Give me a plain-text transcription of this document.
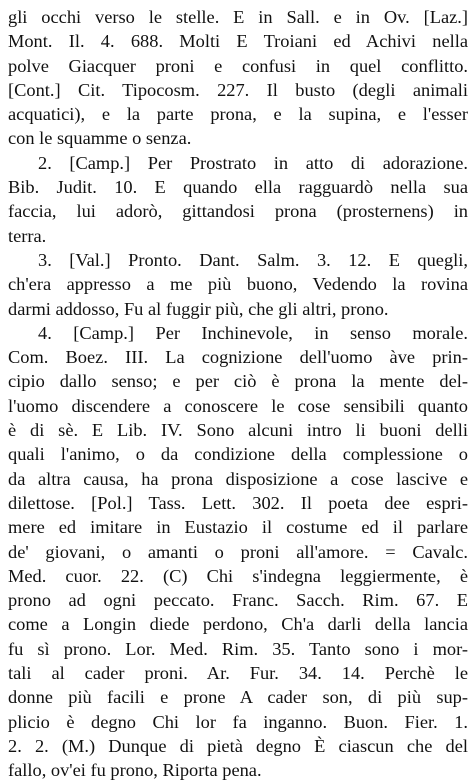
gli occhi verso le stelle. E in Sall. e in Ov. [Laz.]
Mont. Il. 4. 688. Molti E Troiani ed Achivi nella
polve Giacquer proni e confusi in quel conflitto.
[Cont.] Cit. Tipocosm. 227. Il busto (degli animali
acquatici), e la parte prona, e la supina, e l'esser
con le squamme o senza.
2. [Camp.] Per Prostrato in atto di adorazione.
Bib. Judit. 10. E quando ella ragguardò nella sua
faccia, lui adorò, gittandosi prona (prosternens) in
terra.
3. [Val.] Pronto. Dant. Salm. 3. 12. E quegli,
ch'era appresso a me più buono, Vedendo la rovina
darmi addosso, Fu al fuggir più, che gli altri, prono.
4. [Camp.] Per Inchinevole, in senso morale.
Com. Boez. III. La cognizione dell'uomo àve prin-
cipio dallo senso; e per ciò è prona la mente del-
l'uomo discendere a conoscere le cose sensibili quanto
è di sè. E Lib. IV. Sono alcuni intro li buoni delli
quali l'animo, o da condizione della complessione o
da altra causa, ha prona disposizione a cose lascive e
dilettose. [Pol.] Tass. Lett. 302. Il poeta dee espri-
mere ed imitare in Eustazio il costume ed il parlare
de' giovani, o amanti o proni all'amore. = Cavalc.
Med. cuor. 22. (C) Chi s'indegna leggiermente, è
prono ad ogni peccato. Franc. Sacch. Rim. 67. E
come a Longin diede perdono, Ch'a darli della lancia
fu sì prono. Lor. Med. Rim. 35. Tanto sono i mor-
tali al cader proni. Ar. Fur. 34. 14. Perchè le
donne più facili e prone A cader son, di più sup-
plicio è degno Chi lor fa inganno. Buon. Fier. 1.
2. 2. (M.) Dunque di pietà degno È ciascun che del
fallo, ov'ei fu prono, Riporta pena.
